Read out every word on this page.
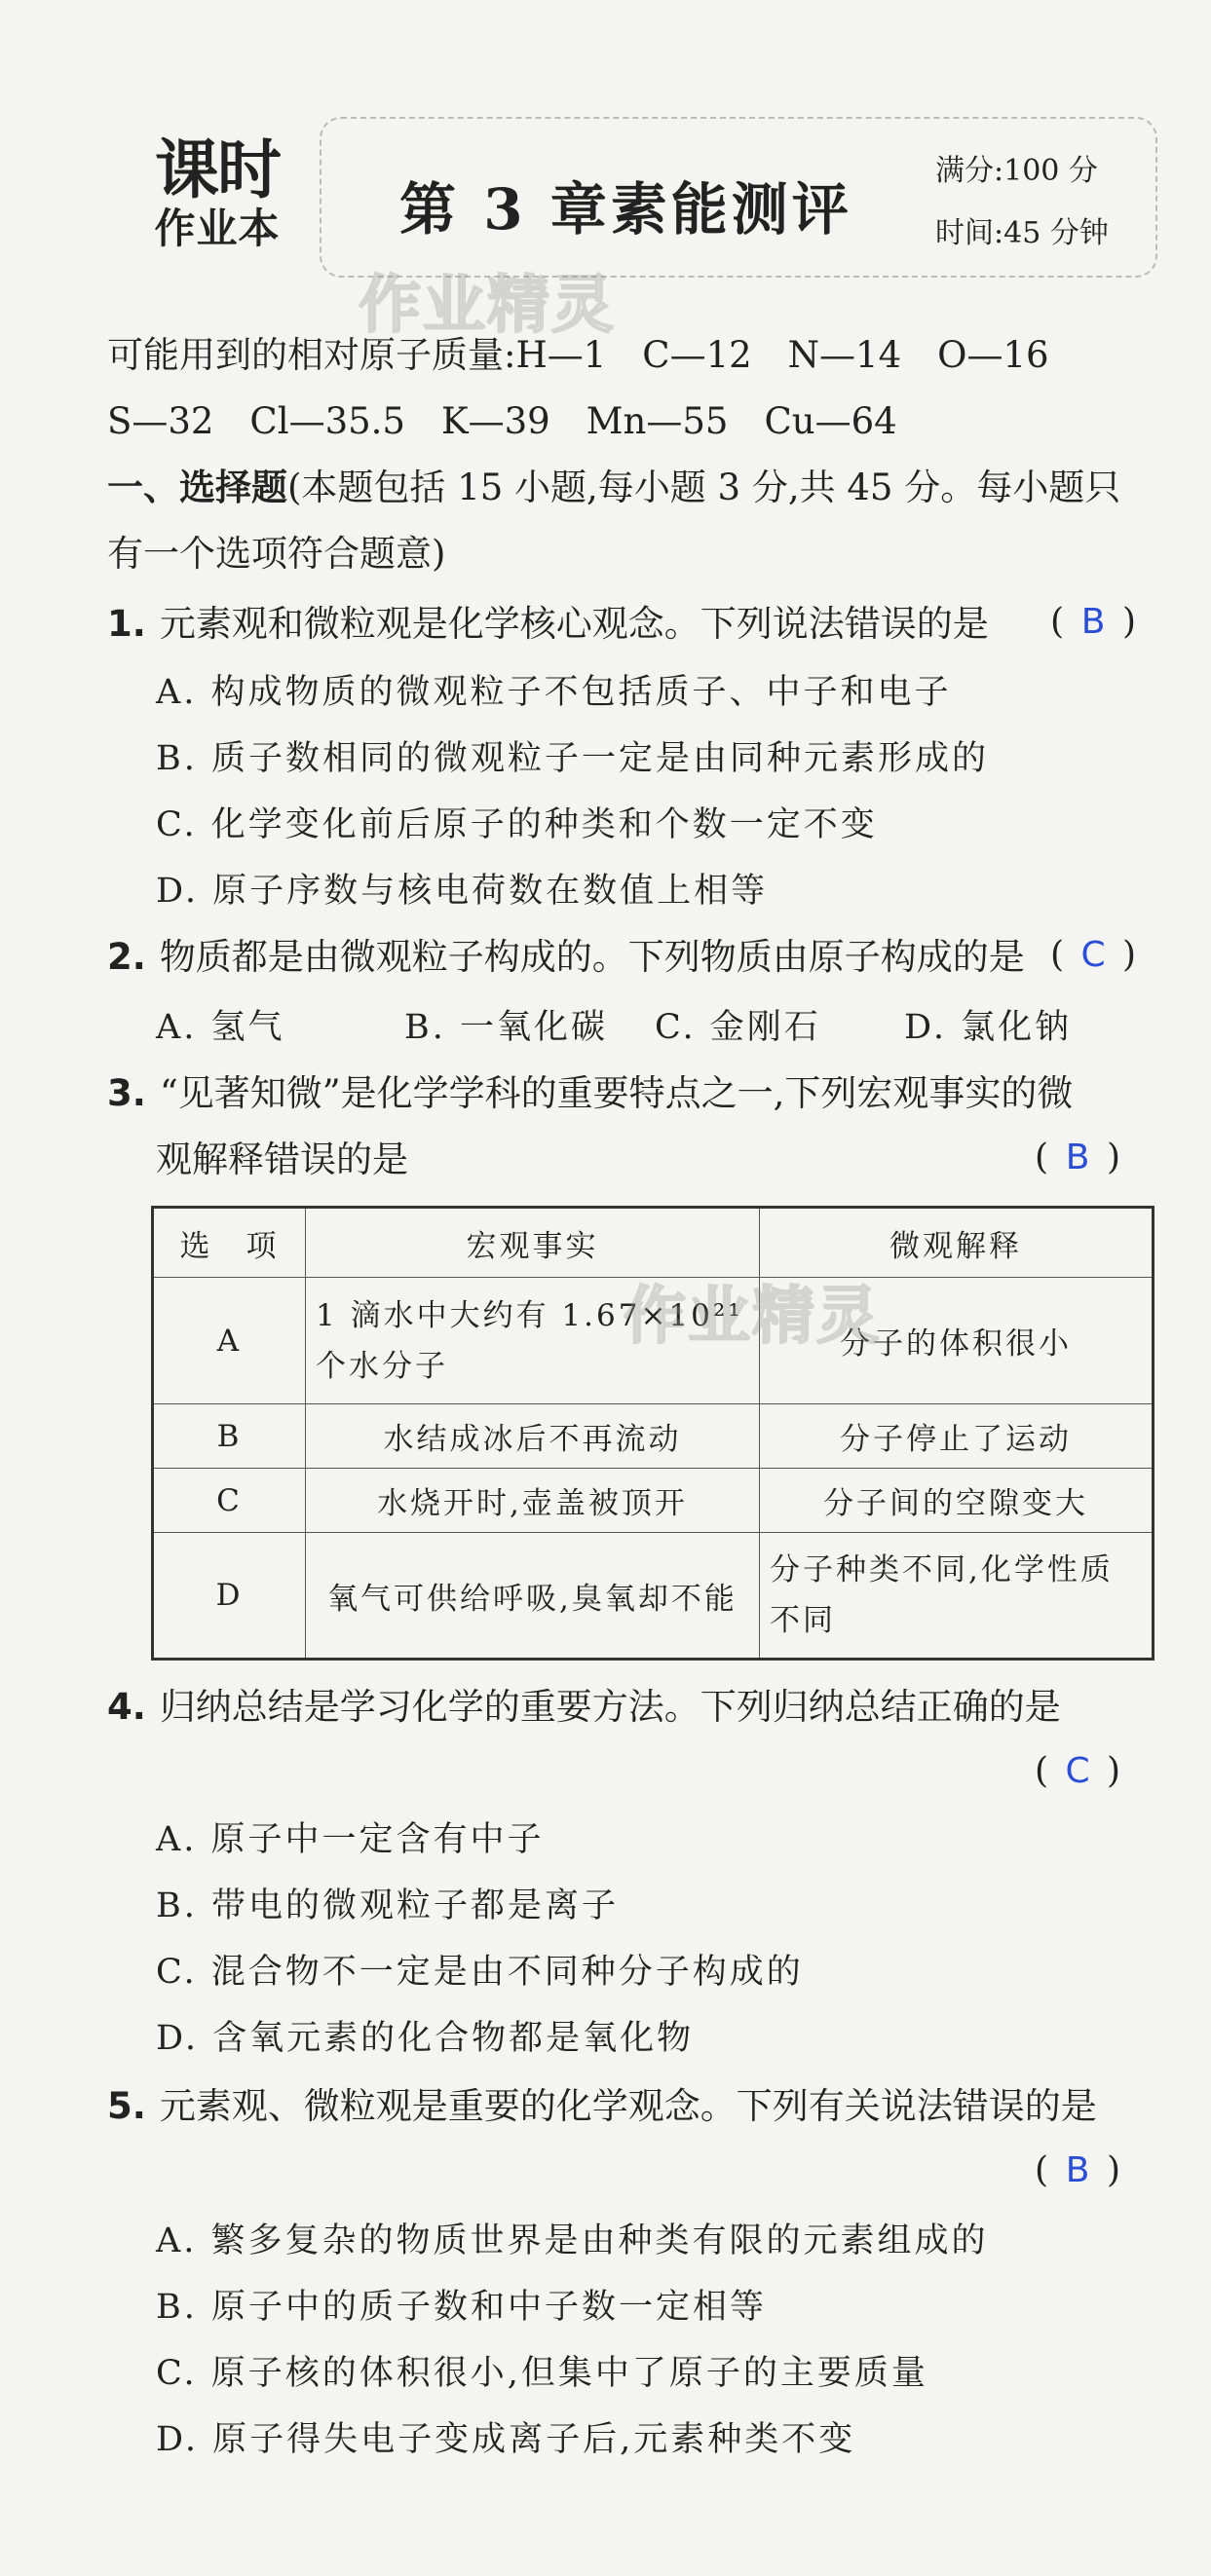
课时
作业本 第 3 章素能测评
满分:100 分
时间:45 分钟
作业精灵
可能用到的相对原子质量:H—1　C—12　N—14　O—16
S—32　Cl—35.5　K—39　Mn—55　Cu—64
一、选择题(本题包括 15 小题,每小题 3 分,共 45 分。每小题只
有一个选项符合题意)
1. 元素观和微粒观是化学核心观念。下列说法错误的是 ( B )
A. 构成物质的微观粒子不包括质子、中子和电子
B. 质子数相同的微观粒子一定是由同种元素形成的
C. 化学变化前后原子的种类和个数一定不变
D. 原子序数与核电荷数在数值上相等
2. 物质都是由微观粒子构成的。下列物质由原子构成的是 ( C )
A. 氢气	B. 一氧化碳 C. 金刚石 D. 氯化钠
3. “见著知微”是化学学科的重要特点之一,下列宏观事实的微
观解释错误的是	( B )
选　项	宏观事实	微观解释
A	1 滴水中大约有 1.67×10²¹
个水分子	分子的体积很小
B	水结成冰后不再流动	分子停止了运动
C	水烧开时,壶盖被顶开	分子间的空隙变大
D	氧气可供给呼吸,臭氧却不能	分子种类不同,化学性质
不同
作业精灵
4. 归纳总结是学习化学的重要方法。下列归纳总结正确的是
( C )
A. 原子中一定含有中子
B. 带电的微观粒子都是离子
C. 混合物不一定是由不同种分子构成的
D. 含氧元素的化合物都是氧化物
5. 元素观、微粒观是重要的化学观念。下列有关说法错误的是
( B )
A. 繁多复杂的物质世界是由种类有限的元素组成的
B. 原子中的质子数和中子数一定相等
C. 原子核的体积很小,但集中了原子的主要质量
D. 原子得失电子变成离子后,元素种类不变
